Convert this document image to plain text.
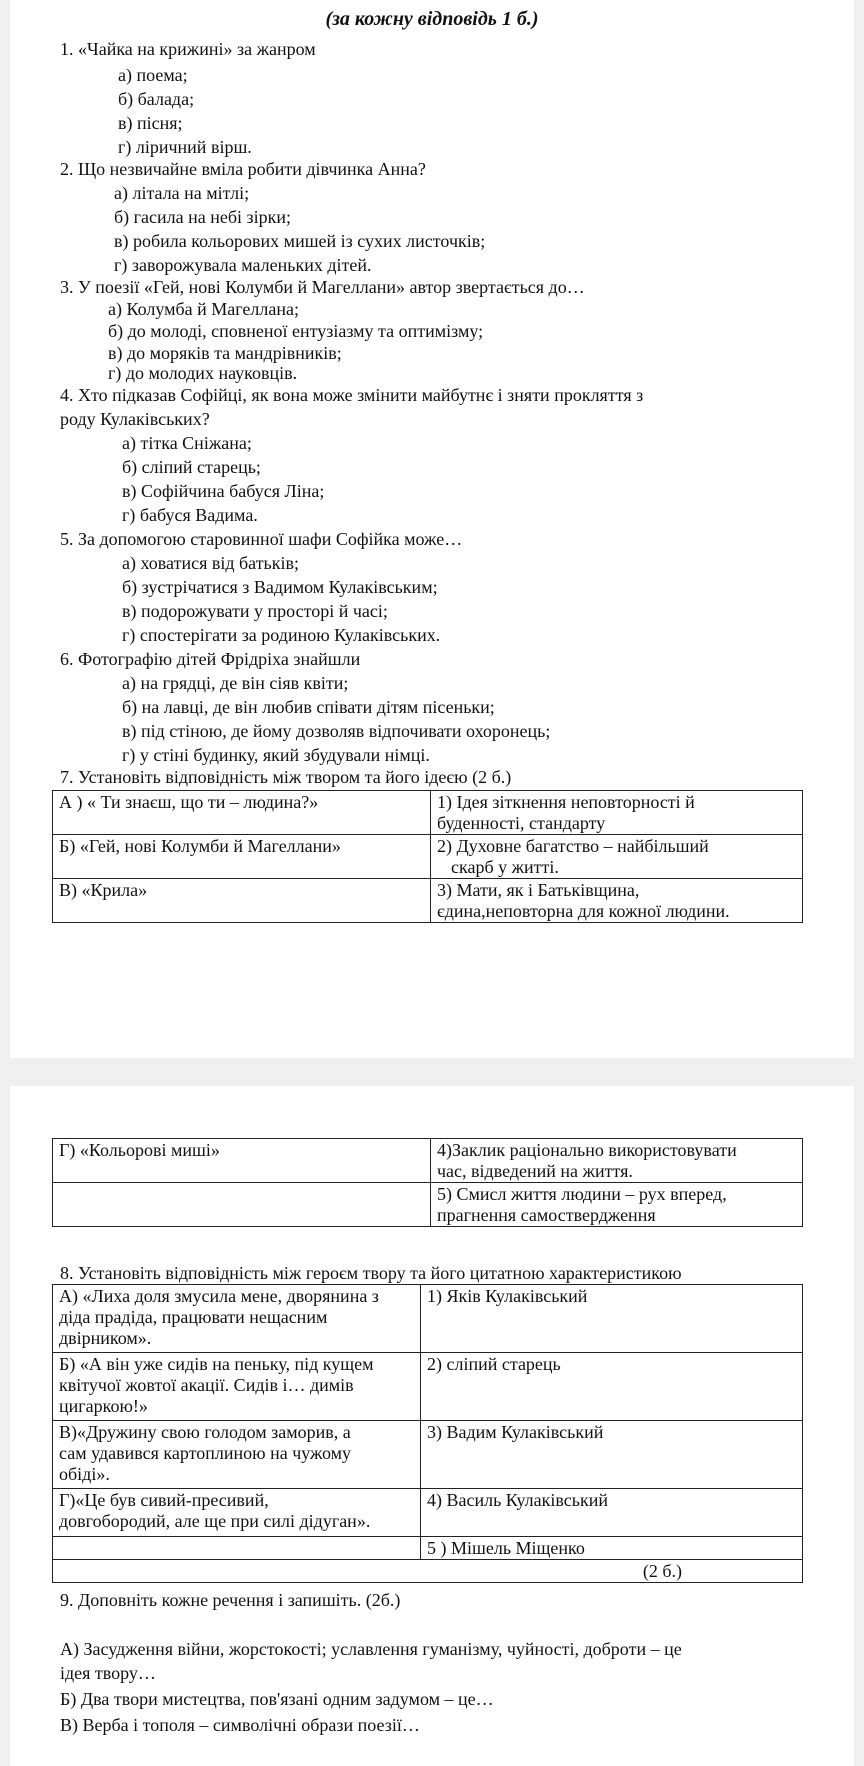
(за кожну відповідь 1 б.)
1. «Чайка на крижині» за жанром
а) поема;
б) балада;
в) пісня;
г) ліричний вірш.
2. Що незвичайне вміла робити дівчинка Анна?
а) літала на мітлі;
б) гасила на небі зірки;
в) робила кольорових мишей із сухих листочків;
г) заворожувала маленьких дітей.
3. У поезії «Гей, нові Колумби й Магеллани» автор звертається до…
а) Колумба й Магеллана;
б) до молоді, сповненої ентузіазму та оптимізму;
в) до моряків та мандрівників;
г) до молодих науковців.
4. Хто підказав Софійці, як вона може змінити майбутнє і зняти прокляття з
роду Кулаківських?
а) тітка Сніжана;
б) сліпий старець;
в) Софійчина бабуся Ліна;
г) бабуся Вадима.
5. За допомогою старовинної шафи Софійка може…
а) ховатися від батьків;
б) зустрічатися з Вадимом Кулаківським;
в) подорожувати у просторі й часі;
г) спостерігати за родиною Кулаківських.
6. Фотографію дітей Фрідріха знайшли
а) на грядці, де він сіяв квіти;
б) на лавці, де він любив співати дітям пісеньки;
в) під стіною, де йому дозволяв відпочивати охоронець;
г) у стіні будинку, який збудували німці.
7. Установіть відповідність між твором та його ідеєю (2 б.)
А ) « Ти знаєш, що ти – людина?»	1) Ідея зіткнення неповторності й
буденності, стандарту

Б) «Гей, нові Колумби й Магеллани»	2) Духовне багатство – найбільший
скарб у житті.

В) «Крила»	3) Мати, як і Батьківщина,
єдина,неповторна для кожної людини.
Г) «Кольорові миші»	4)Заклик раціонально використовувати
час, відведений на життя.

	5) Смисл життя людини – рух вперед,
прагнення самоствердження
8. Установіть відповідність між героєм твору та його цитатною характеристикою
А) «Лиха доля змусила мене, дворянина з
діда прадіда, працювати нещасним
двірником».	1) Яків Кулаківський

Б) «А він уже сидів на пеньку, під кущем
квітучої жовтої акації. Сидів і… димів
цигаркою!»	2) сліпий старець

В)«Дружину свою голодом заморив, а
сам удавився картоплиною на чужому
обіді».	3) Вадим Кулаківський

Г)«Це був сивий-пресивий,
довгобородий, але ще при силі дідуган».	4) Василь Кулаківський
	5 ) Мішель Міщенко
(2 б.)	
9. Доповніть кожне речення і запишіть. (2б.)
А) Засудження війни, жорстокості; уславлення гуманізму, чуйності, доброти – це
ідея твору…
Б) Два твори мистецтва, пов'язані одним задумом – це…
В) Верба і тополя – символічні образи поезії…
